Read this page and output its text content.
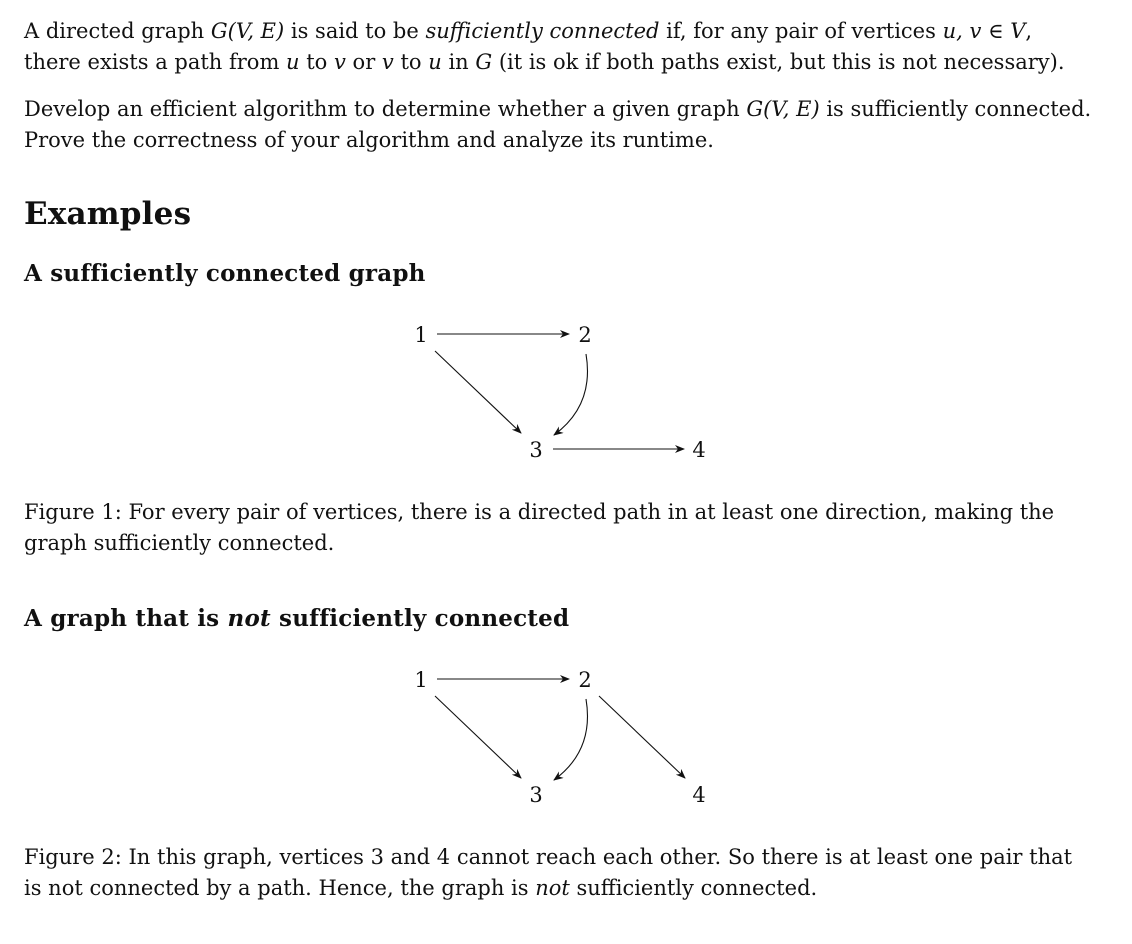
A directed graph G(V, E) is said to be sufficiently connected if, for any pair of vertices u, v ∈ V,
there exists a path from u to v or v to u in G (it is ok if both paths exist, but this is not necessary).

Develop an efficient algorithm to determine whether a given graph G(V, E) is sufficiently connected.
Prove the correctness of your algorithm and analyze its runtime.

Examples
A sufficiently connected graph
1	2
3	4

Figure 1: For every pair of vertices, there is a directed path in at least one direction, making the
graph sufficiently connected.

A graph that is not sufficiently connected
1	2
3	4

Figure 2: In this graph, vertices 3 and 4 cannot reach each other. So there is at least one pair that
is not connected by a path. Hence, the graph is not sufficiently connected.
